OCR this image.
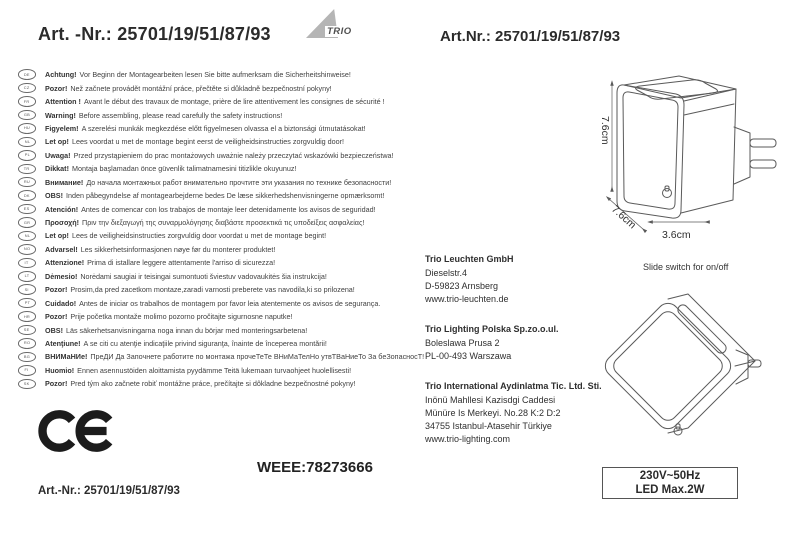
Art. -Nr.: 25701/19/51/87/93	TRIO	Art.Nr.: 25701/19/51/87/93
DE Achtung! Vor Beginn der Montagearbeiten lesen Sie bitte aufmerksam die Sicherheitshinweise!
CZ Pozor! Než začnete provádět montážní práce, přečtěte si důkladně bezpečnostní pokyny!
FR Attention ! Avant le début des travaux de montage, prière de lire attentivement les consignes de sécurité !
GB Warning! Before assembling, please read carefully the safety instructions!
HU Figyelem! A szerelési munkák megkezdése előtt figyelmesen olvassa el a biztonsági útmutatásokat!
NL Let op! Lees voordat u met de montage begint eerst de veiligheidsinstructies zorgvuldig door!
PL Uwaga! Przed przystąpieniem do prac montażowych uważnie należy przeczytać wskazówki bezpieczeństwa!
TR Dikkat! Montaja başlamadan önce güvenlik talimatnamesini titizlikle okuyunuz!
RU Внимание! До начала монтажных работ внимательно прочтите эти указания по технике безопасности!
DK OBS! Inden påbegyndelse af montagearbejderne bedes De læse sikkerhedshenvisningerne opmærksomt!
ES Atención! Antes de comencar con los trabajos de montaje leer detenidamente los avisos de seguridad!
GR Προσοχή! Πριν την διεξαγωγή της συναρμολόγησης διαβάστε προσεκτικά τις υποδείξεις ασφαλείας!
NL Let op! Lees de veiligheidsinstructies zorgvuldig door voordat u met de montage begint!
NO Advarsel! Les sikkerhetsinformasjonen nøye før du monterer produktet!
IT Attenzione! Prima di istallare leggere attentamente l'arriso di sicurezza!
LT Dėmesio! Norėdami saugiai ir teisingai sumontuoti šviestuv vadovaukitės šia instrukcija!
SI Pozor! Prosim,da pred zacetkom montaze,zaradi varnosti preberete vas navodila,ki so prilozena!
PT Cuidado! Antes de iniciar os trabalhos de montagem por favor leia atentemente os avisos de segurança.
HR Pozor! Prije početka montaže molimo pozorno pročitajte sigurnosne naputke!
SE OBS! Läs säkerhetsanvisningarna noga innan du börjar med monteringsarbetena!
RO Atenţiune! A se citi cu atenţie indicaţiile privind siguranţa, înainte de începerea montării!
BG ВНИМаНИе! ПреДИ Да Започнете работите по монтажа прочеТеТе ВНиМаТелНо утвТВаНиеТо За беЗопасносТ!
FI Huomio! Ennen asennustöiden aloittamista pyydämme Teitä lukemaan turvaohjeet huolellisesti!
SK Pozor! Pred tým ako začnete robiť montážne práce, prečítajte si dôkladne bezpečnostné pokyny!
7.6cm
7.6cm
3.6cm
Trio Leuchten GmbH
Dieselstr.4
D-59823 Arnsberg
www.trio-leuchten.de
Trio Lighting Polska Sp.zo.o.ul.
Boleslawa Prusa 2
PL-00-493 Warszawa
Trio International Aydinlatma Tic. Ltd. Sti.
Inönü Mahllesi Kazisdgi Caddesi
Münüre Is Merkeyi. No.28 K:2 D:2
34755 Istanbul-Atasehir Türkiye
www.trio-lighting.com
Slide switch for on/off
230V~50Hz
LED Max.2W
WEEE:78273666
Art.-Nr.: 25701/19/51/87/93
